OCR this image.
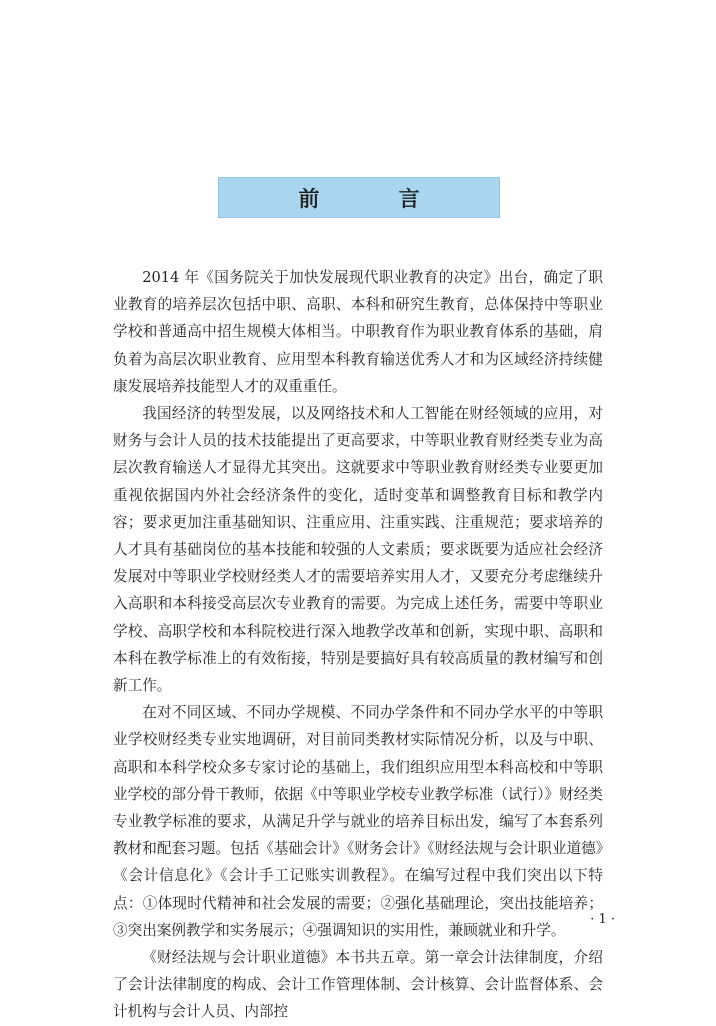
前 言

2014 年《国务院关于加快发展现代职业教育的决定》出台，确定了职业教育的培养层次包括中职、高职、本科和研究生教育，总体保持中等职业学校和普通高中招生规模大体相当。中职教育作为职业教育体系的基础，肩负着为高层次职业教育、应用型本科教育输送优秀人才和为区域经济持续健康发展培养技能型人才的双重重任。

我国经济的转型发展，以及网络技术和人工智能在财经领域的应用，对财务与会计人员的技术技能提出了更高要求，中等职业教育财经类专业为高层次教育输送人才显得尤其突出。这就要求中等职业教育财经类专业要更加重视依据国内外社会经济条件的变化，适时变革和调整教育目标和教学内容；要求更加注重基础知识、注重应用、注重实践、注重规范；要求培养的人才具有基础岗位的基本技能和较强的人文素质；要求既要为适应社会经济发展对中等职业学校财经类人才的需要培养实用人才，又要充分考虑继续升入高职和本科接受高层次专业教育的需要。为完成上述任务，需要中等职业学校、高职学校和本科院校进行深入地教学改革和创新，实现中职、高职和本科在教学标准上的有效衔接，特别是要搞好具有较高质量的教材编写和创新工作。

在对不同区域、不同办学规模、不同办学条件和不同办学水平的中等职业学校财经类专业实地调研，对目前同类教材实际情况分析，以及与中职、高职和本科学校众多专家讨论的基础上，我们组织应用型本科高校和中等职业学校的部分骨干教师，依据《中等职业学校专业教学标准（试行）》财经类专业教学标准的要求，从满足升学与就业的培养目标出发，编写了本套系列教材和配套习题。包括《基础会计》《财务会计》《财经法规与会计职业道德》《会计信息化》《会计手工记账实训教程》。在编写过程中我们突出以下特点：①体现时代精神和社会发展的需要；②强化基础理论，突出技能培养；③突出案例教学和实务展示；④强调知识的实用性，兼顾就业和升学。

《财经法规与会计职业道德》本书共五章。第一章会计法律制度，介绍了会计法律制度的构成、会计工作管理体制、会计核算、会计监督体系、会计机构与会计人员、内部控

· 1 ·
